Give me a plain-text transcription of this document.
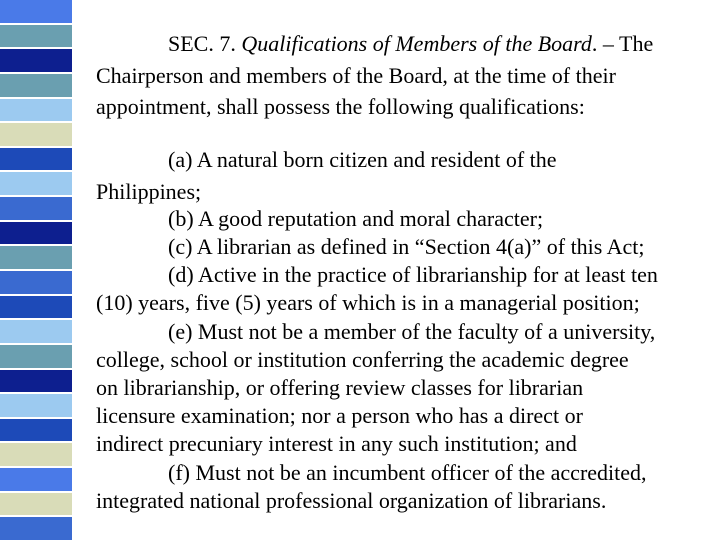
SEC. 7. Qualifications of Members of the Board. – The
Chairperson and members of the Board, at the time of their
appointment, shall possess the following qualifications:
(a) A natural born citizen and resident of the
Philippines;
(b) A good reputation and moral character;
(c) A librarian as defined in “Section 4(a)” of this Act;
(d) Active in the practice of librarianship for at least ten
(10) years, five (5) years of which is in a managerial position;
(e) Must not be a member of the faculty of a university,
college, school or institution conferring the academic degree
on librarianship, or offering review classes for librarian
licensure examination; nor a person who has a direct or
indirect precuniary interest in any such institution; and
(f) Must not be an incumbent officer of the accredited,
integrated national professional organization of librarians.
